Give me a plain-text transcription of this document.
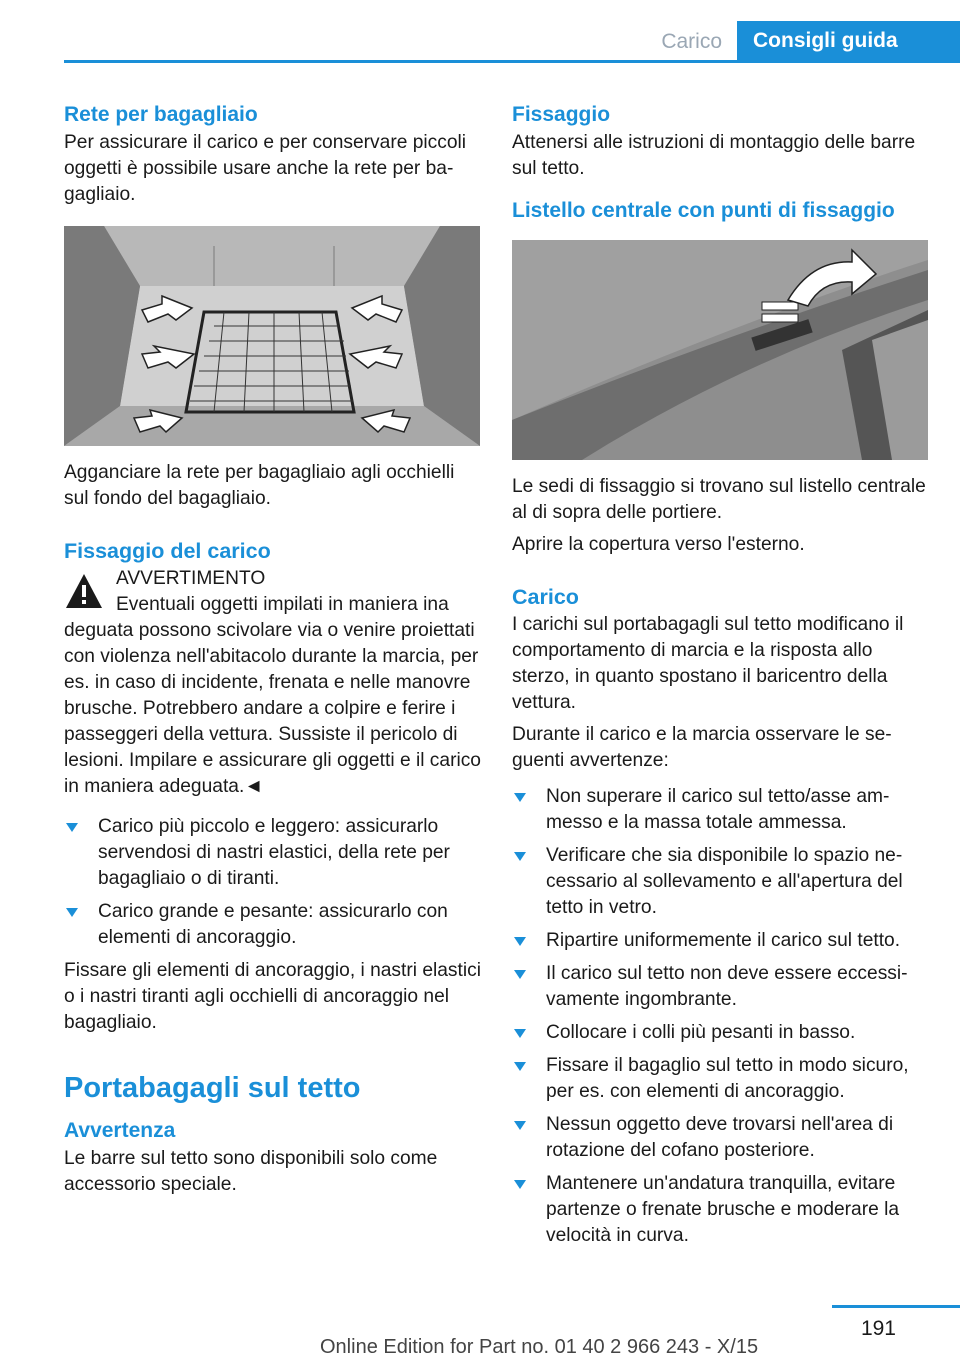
Carico Consigli guida
Rete per bagagliaio

Per assicurare il carico e per conservare piccoli oggetti è possibile usare anche la rete per bagagliaio.

Agganciare la rete per bagagliaio agli occhielli sul fondo del bagagliaio.

Fissaggio del carico
AVVERTIMENTO
Eventuali oggetti impilati in maniera ina

deguata possono scivolare via o venire proiettati con violenza nell'abitacolo durante la marcia, per es. in caso di incidente, frenata e nelle manovre brusche. Potrebbero andare a colpire e ferire i passeggeri della vettura. Sussiste il pericolo di lesioni. Impilare e assicurare gli oggetti e il carico in maniera adeguata.◄

Carico più piccolo e leggero: assicurarlo servendosi di nastri elastici, della rete per bagagliaio o di tiranti.
Carico grande e pesante: assicurarlo con elementi di ancoraggio.

Fissare gli elementi di ancoraggio, i nastri elastici o i nastri tiranti agli occhielli di ancoraggio nel bagagliaio.

Portabagagli sul tetto
Avvertenza

Le barre sul tetto sono disponibili solo come accessorio speciale.

Fissaggio

Attenersi alle istruzioni di montaggio delle barre sul tetto.

Listello centrale con punti di fissaggio

Le sedi di fissaggio si trovano sul listello centrale al di sopra delle portiere.

Aprire la copertura verso l'esterno.

Carico

I carichi sul portabagagli sul tetto modificano il comportamento di marcia e la risposta allo sterzo, in quanto spostano il baricentro della vettura.

Durante il carico e la marcia osservare le seguenti avvertenze:

Non superare il carico sul tetto/asse ammesso e la massa totale ammessa.
Verificare che sia disponibile lo spazio necessario al sollevamento e all'apertura del tetto in vetro.
Ripartire uniformemente il carico sul tetto.
Il carico sul tetto non deve essere eccessivamente ingombrante.
Collocare i colli più pesanti in basso.
Fissare il bagaglio sul tetto in modo sicuro, per es. con elementi di ancoraggio.
Nessun oggetto deve trovarsi nell'area di rotazione del cofano posteriore.
Mantenere un'andatura tranquilla, evitare partenze o frenate brusche e moderare la velocità in curva.
191
Online Edition for Part no. 01 40 2 966 243 - X/15
